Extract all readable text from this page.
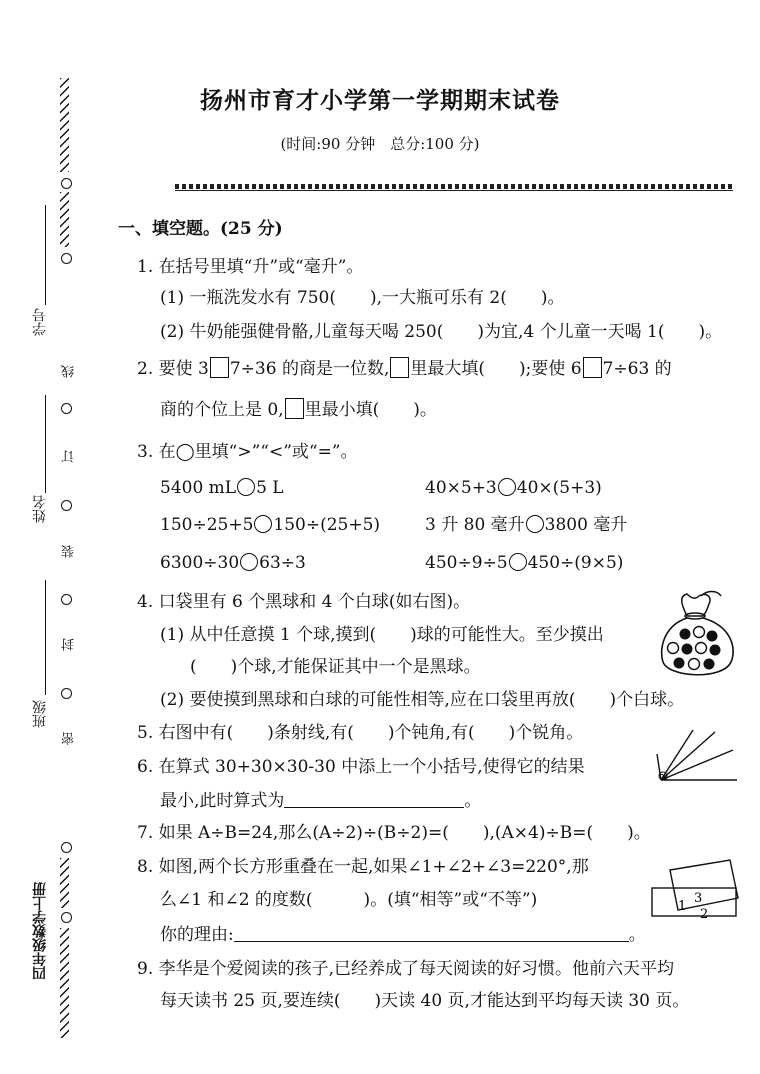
线
订
装
封
密
学号
姓名
班级
四年级数学上册
扬州市育才小学第一学期期末试卷
(时间:90 分钟　总分:100 分)
一、填空题。(25 分)
1. 在括号里填“升”或“毫升”。
(1) 一瓶洗发水有 750(　　),一大瓶可乐有 2(　　)。
(2) 牛奶能强健骨骼,儿童每天喝 250(　　)为宜,4 个儿童一天喝 1(　　)。
2. 要使 3 7÷36 的商是一位数, 里最大填(　　);要使 6 7÷63 的
商的个位上是 0, 里最小填(　　)。
3. 在◯里填“>”“<”或“=”。
5400 mL 5 L	40×5+3 40×(5+3)
150÷25+5 150÷(25+5)	3 升 80 毫升 3800 毫升
6300÷30 63÷3	450÷9÷5 450÷(9×5)
4. 口袋里有 6 个黑球和 4 个白球(如右图)。
(1) 从中任意摸 1 个球,摸到(　　)球的可能性大。至少摸出
(　　)个球,才能保证其中一个是黑球。
(2) 要使摸到黑球和白球的可能性相等,应在口袋里再放(　　)个白球。
5. 右图中有(　　)条射线,有(　　)个钝角,有(　　)个锐角。
6. 在算式 30+30×30-30 中添上一个小括号,使得它的结果
最小,此时算式为	。
7. 如果 A÷B=24,那么(A÷2)÷(B÷2)=(　　),(A×4)÷B=(　　)。
8. 如图,两个长方形重叠在一起,如果∠1+∠2+∠3=220°,那
么∠1 和∠2 的度数(　　　)。(填“相等”或“不等”)
你的理由:	。
1
3
2
9. 李华是个爱阅读的孩子,已经养成了每天阅读的好习惯。他前六天平均
每天读书 25 页,要连续(　　)天读 40 页,才能达到平均每天读 30 页。
